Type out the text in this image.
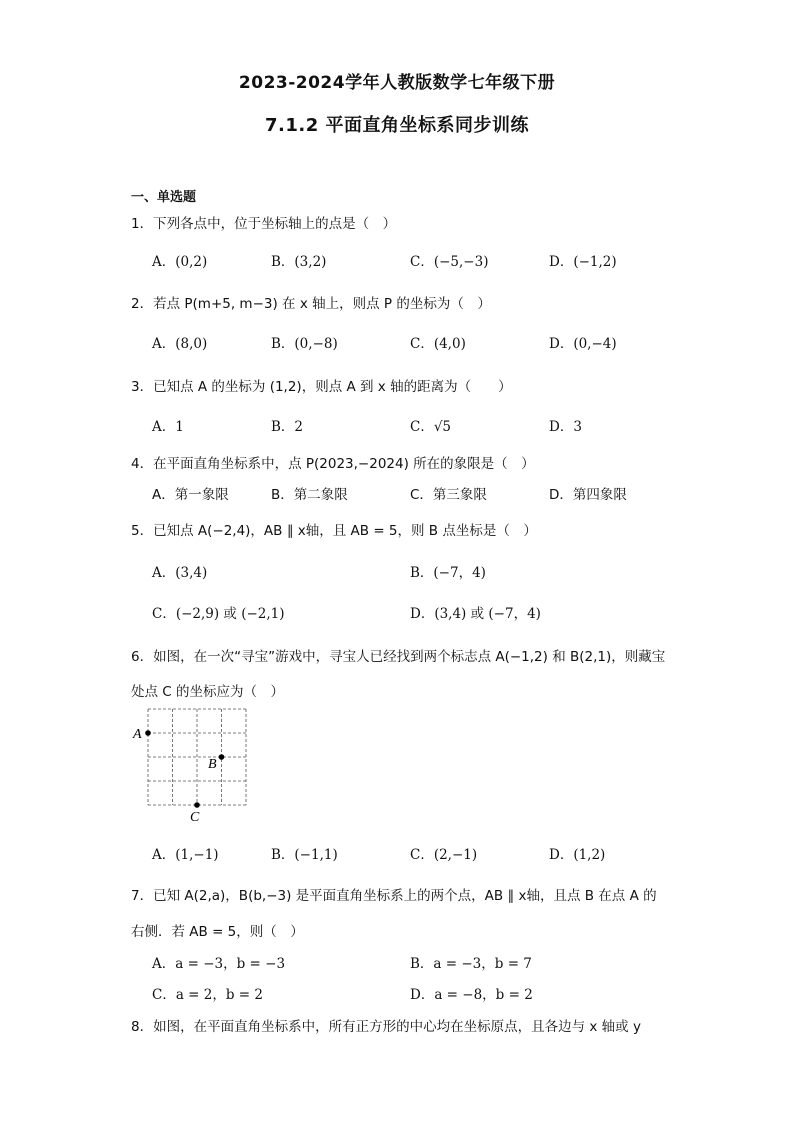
2023-2024学年人教版数学七年级下册
7.1.2 平面直角坐标系同步训练
一、单选题
1．下列各点中，位于坐标轴上的点是（　）
A．(0,2)	B．(3,2)	C．(−5,−3)	D．(−1,2)
2．若点 P(m+5, m−3) 在 x 轴上，则点 P 的坐标为（　）
A．(8,0)	B．(0,−8)	C．(4,0)	D．(0,−4)
3．已知点 A 的坐标为 (1,2)，则点 A 到 x 轴的距离为（　　）
A．1	B．2	C．√5	D．3
4．在平面直角坐标系中，点 P(2023,−2024) 所在的象限是（　）
A．第一象限	B．第二象限	C．第三象限	D．第四象限
5．已知点 A(−2,4)，AB ∥ x轴，且 AB = 5，则 B 点坐标是（　）
A．(3,4)	B．(−7，4)
C．(−2,9) 或 (−2,1)	D．(3,4) 或 (−7，4)
6．如图，在一次“寻宝”游戏中，寻宝人已经找到两个标志点 A(−1,2) 和 B(2,1)，则藏宝
处点 C 的坐标应为（　）
A
B
C
A．(1,−1)	B．(−1,1)	C．(2,−1)	D．(1,2)
7．已知 A(2,a)，B(b,−3) 是平面直角坐标系上的两个点，AB ∥ x轴，且点 B 在点 A 的
右侧．若 AB = 5，则（　）
A．a = −3，b = −3	B．a = −3，b = 7
C．a = 2，b = 2	D．a = −8，b = 2
8．如图，在平面直角坐标系中，所有正方形的中心均在坐标原点，且各边与 x 轴或 y
